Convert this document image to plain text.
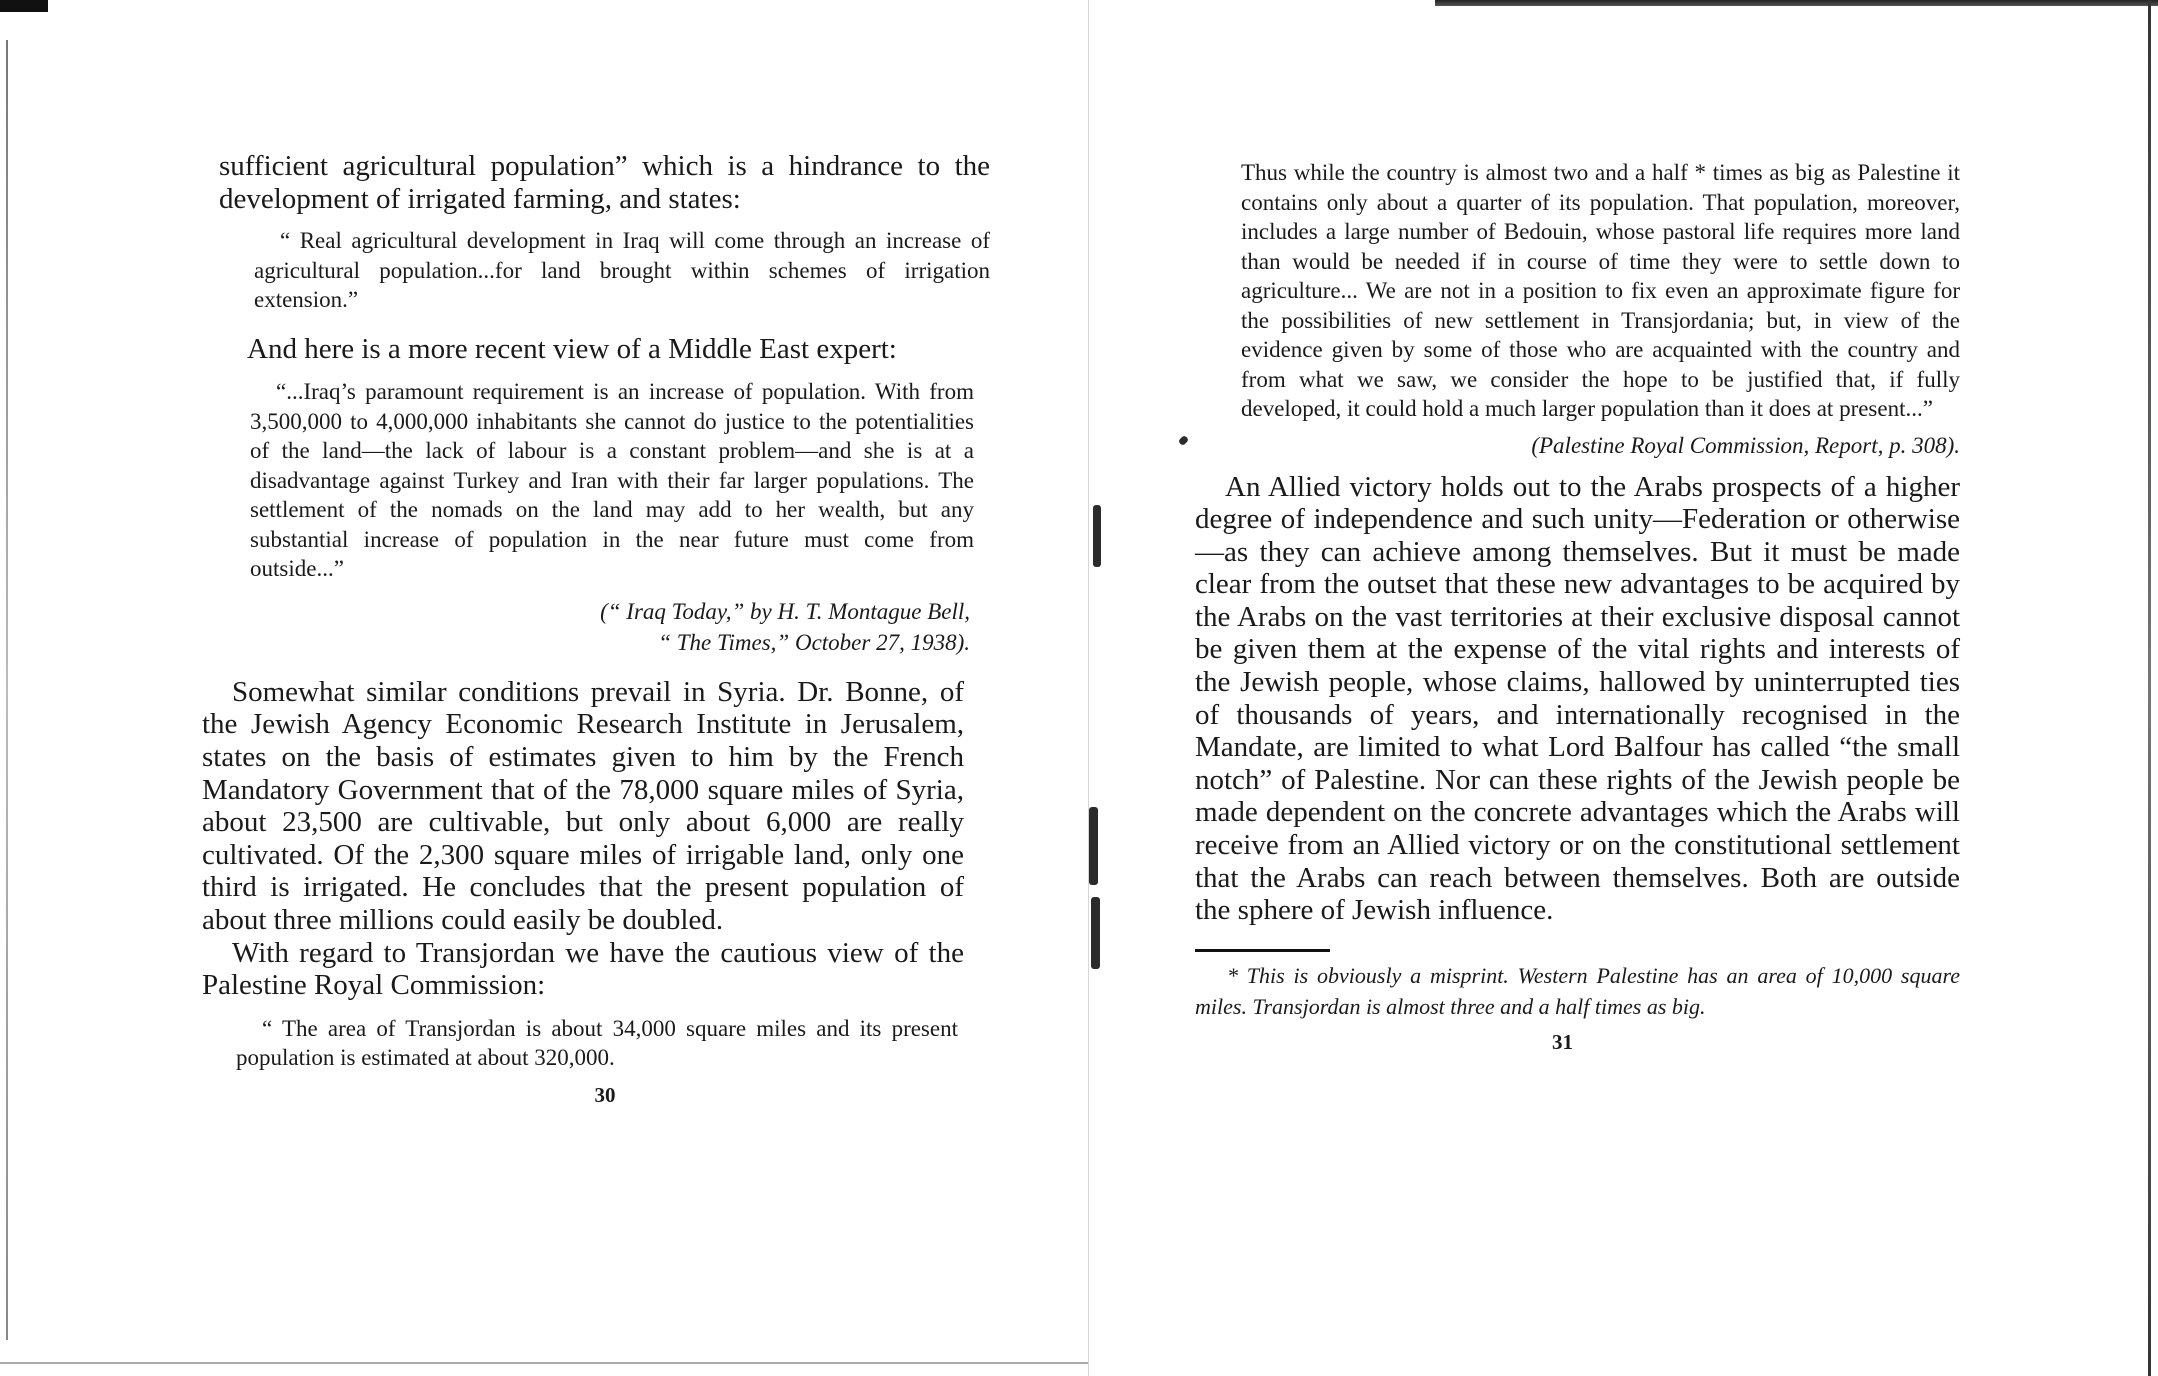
sufficient agricultural population” which is a hindrance to the development of irrigated farming, and states:

“ Real agricultural development in Iraq will come through an increase of agricultural population...for land brought within schemes of irrigation extension.”

And here is a more recent view of a Middle East expert:

“...Iraq’s paramount requirement is an increase of population. With from 3,500,000 to 4,000,000 inhabitants she cannot do justice to the potentialities of the land—the lack of labour is a constant problem—and she is at a disadvantage against Turkey and Iran with their far larger populations. The settlement of the nomads on the land may add to her wealth, but any substantial increase of population in the near future must come from outside...”

(“ Iraq Today,” by H. T. Montague Bell,

“ The Times,” October 27, 1938).

Somewhat similar conditions prevail in Syria. Dr. Bonne, of the Jewish Agency Economic Research Institute in Jerusalem, states on the basis of estimates given to him by the French Mandatory Government that of the 78,000 square miles of Syria, about 23,500 are cultivable, but only about 6,000 are really cultivated. Of the 2,300 square miles of irrigable land, only one third is irrigated. He concludes that the present population of about three millions could easily be doubled.

With regard to Transjordan we have the cautious view of the Palestine Royal Commission:

“ The area of Transjordan is about 34,000 square miles and its present population is estimated at about 320,000.

30

Thus while the country is almost two and a half * times as big as Palestine it contains only about a quarter of its population. That population, moreover, includes a large number of Bedouin, whose pastoral life requires more land than would be needed if in course of time they were to settle down to agriculture... We are not in a position to fix even an approximate figure for the possibilities of new settlement in Transjordania; but, in view of the evidence given by some of those who are acquainted with the country and from what we saw, we consider the hope to be justified that, if fully developed, it could hold a much larger population than it does at present...”

(Palestine Royal Commission, Report, p. 308).

An Allied victory holds out to the Arabs prospects of a higher degree of independence and such unity—Federation or otherwise—as they can achieve among themselves. But it must be made clear from the outset that these new advantages to be acquired by the Arabs on the vast territories at their exclusive disposal cannot be given them at the expense of the vital rights and interests of the Jewish people, whose claims, hallowed by uninterrupted ties of thousands of years, and internationally recognised in the Mandate, are limited to what Lord Balfour has called “the small notch” of Palestine. Nor can these rights of the Jewish people be made dependent on the concrete advantages which the Arabs will receive from an Allied victory or on the constitutional settlement that the Arabs can reach between themselves. Both are outside the sphere of Jewish influence.

* This is obviously a misprint. Western Palestine has an area of 10,000 square miles. Transjordan is almost three and a half times as big.

31
